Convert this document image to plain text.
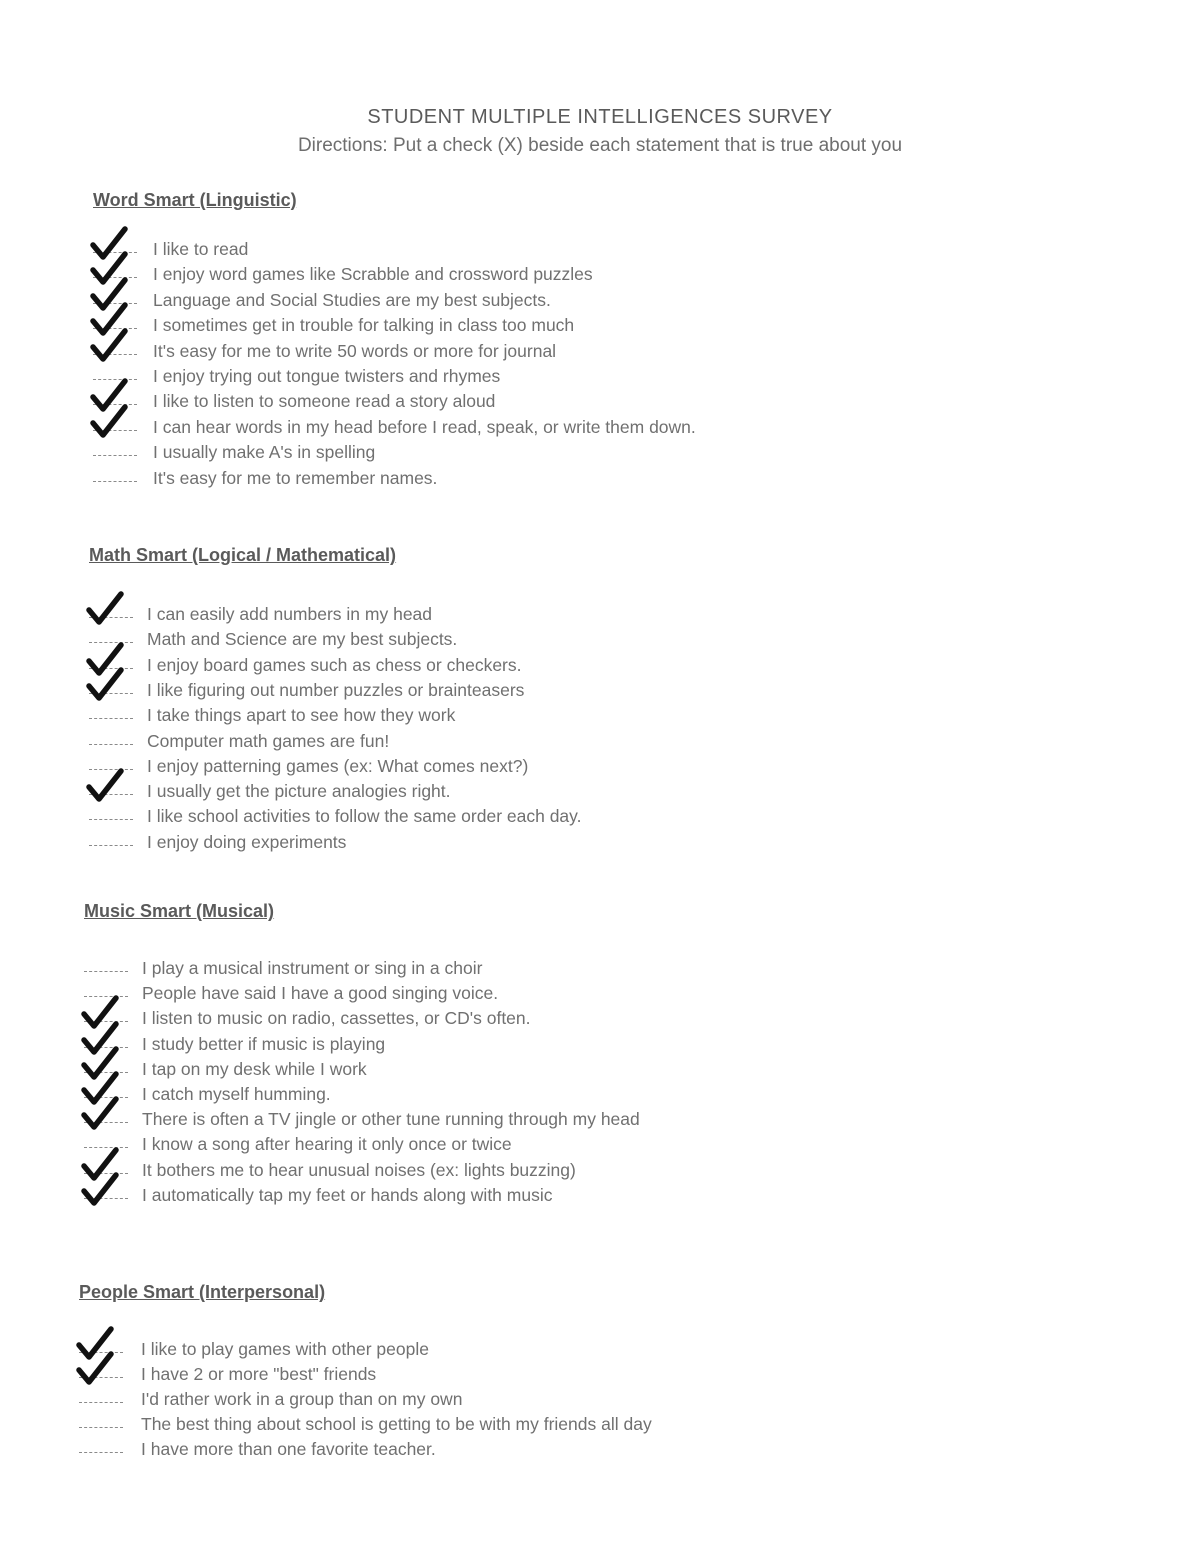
STUDENT MULTIPLE INTELLIGENCES SURVEY
Directions: Put a check (X) beside each statement that is true about you
Word Smart (Linguistic)
I like to read
I enjoy word games like Scrabble and crossword puzzles
Language and Social Studies are my best subjects.
I sometimes get in trouble for talking in class too much
It's easy for me to write 50 words or more for journal
I enjoy trying out tongue twisters and rhymes
I like to listen to someone read a story aloud
I can hear words in my head before I read, speak, or write them down.
I usually make A's in spelling
It's easy for me to remember names.
Math Smart (Logical / Mathematical)
I can easily add numbers in my head
Math and Science are my best subjects.
I enjoy board games such as chess or checkers.
I like figuring out number puzzles or brainteasers
I take things apart to see how they work
Computer math games are fun!
I enjoy patterning games (ex: What comes next?)
I usually get the picture analogies right.
I like school activities to follow the same order each day.
I enjoy doing experiments
Music Smart (Musical)
I play a musical instrument or sing in a choir
People have said I have a good singing voice.
I listen to music on radio, cassettes, or CD's often.
I study better if music is playing
I tap on my desk while I work
I catch myself humming.
There is often a TV jingle or other tune running through my head
I know a song after hearing it only once or twice
It bothers me to hear unusual noises (ex: lights buzzing)
I automatically tap my feet or hands along with music
People Smart (Interpersonal)
I like to play games with other people
I have 2 or more "best" friends
I'd rather work in a group than on my own
The best thing about school is getting to be with my friends all day
I have more than one favorite teacher.
